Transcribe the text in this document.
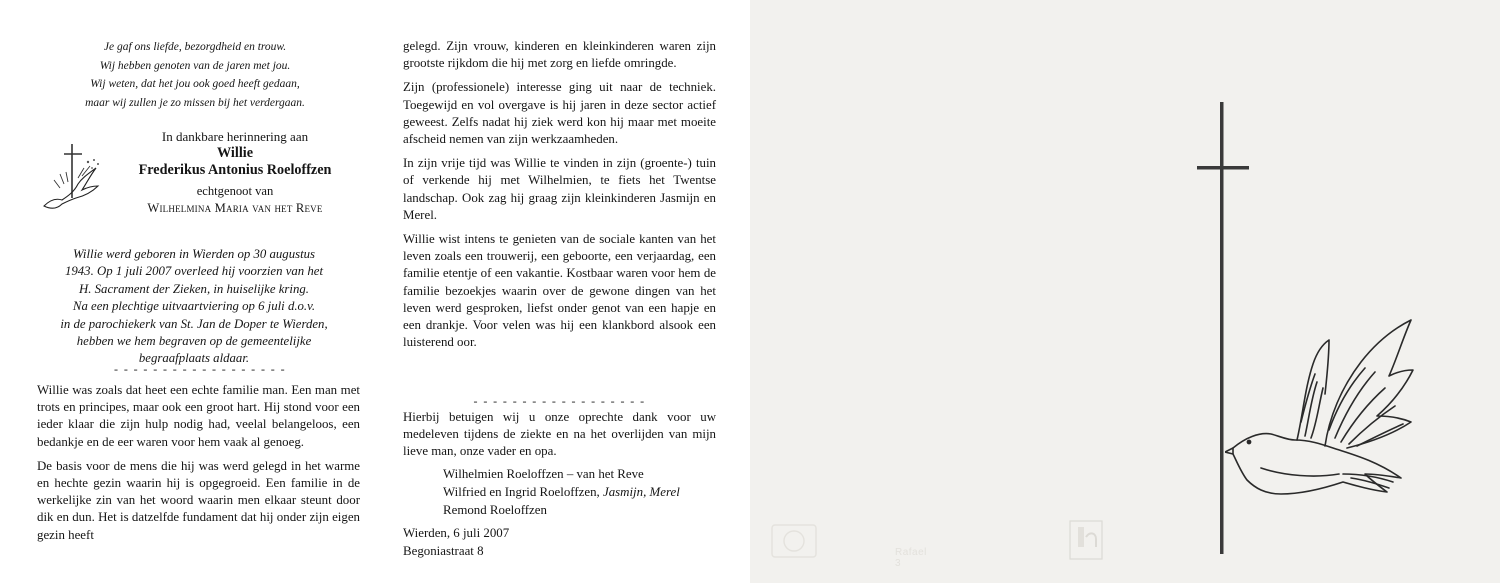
Je gaf ons liefde, bezorgdheid en trouw.
Wij hebben genoten van de jaren met jou.
Wij weten, dat het jou ook goed heeft gedaan,
maar wij zullen je zo missen bij het verdergaan.
In dankbare herinnering aan
Willie
Frederikus Antonius Roeloffzen
echtgenoot van
Wilhelmina Maria van het Reve
Willie werd geboren in Wierden op 30 augustus
1943. Op 1 juli 2007 overleed hij voorzien van het
H. Sacrament der Zieken, in huiselijke kring.
Na een plechtige uitvaartviering op 6 juli d.o.v.
in de parochiekerk van St. Jan de Doper te Wierden,
hebben we hem begraven op de gemeentelijke
begraafplaats aldaar.
- - - - - - - - - - - - - - - - - -

Willie was zoals dat heet een echte familie man. Een man met trots en principes, maar ook een groot hart. Hij stond voor een ieder klaar die zijn hulp nodig had, veelal belangeloos, een bedankje en de eer waren voor hem vaak al genoeg.

De basis voor de mens die hij was werd gelegd in het warme en hechte gezin waarin hij is opgegroeid. Een familie in de werkelijke zin van het woord waarin men elkaar steunt door dik en dun. Het is datzelfde fundament dat hij onder zijn eigen gezin heeft

gelegd. Zijn vrouw, kinderen en kleinkinderen waren zijn grootste rijkdom die hij met zorg en liefde omringde.

Zijn (professionele) interesse ging uit naar de techniek. Toegewijd en vol overgave is hij jaren in deze sector actief geweest. Zelfs nadat hij ziek werd kon hij maar met moeite afscheid nemen van zijn werkzaamheden.

In zijn vrije tijd was Willie te vinden in zijn (groente-) tuin of verkende hij met Wilhelmien, te fiets het Twentse landschap. Ook zag hij graag zijn kleinkinderen Jasmijn en Merel.

Willie wist intens te genieten van de sociale kanten van het leven zoals een trouwerij, een geboorte, een verjaardag, een familie etentje of een vakantie. Kostbaar waren voor hem de familie bezoekjes waarin over de gewone dingen van het leven werd gesproken, liefst onder genot van een hapje en een drankje. Voor velen was hij een klankbord alsook een luisterend oor.

- - - - - - - - - - - - - - - - - -
Hierbij betuigen wij u onze oprechte dank voor uw medeleven tijdens de ziekte en na het overlijden van mijn lieve man, onze vader en opa.
Wilhelmien Roeloffzen – van het Reve
Wilfried en Ingrid Roeloffzen, Jasmijn, Merel
Remond Roeloffzen
Wierden, 6 juli 2007
Begoniastraat 8	Rafael 3
